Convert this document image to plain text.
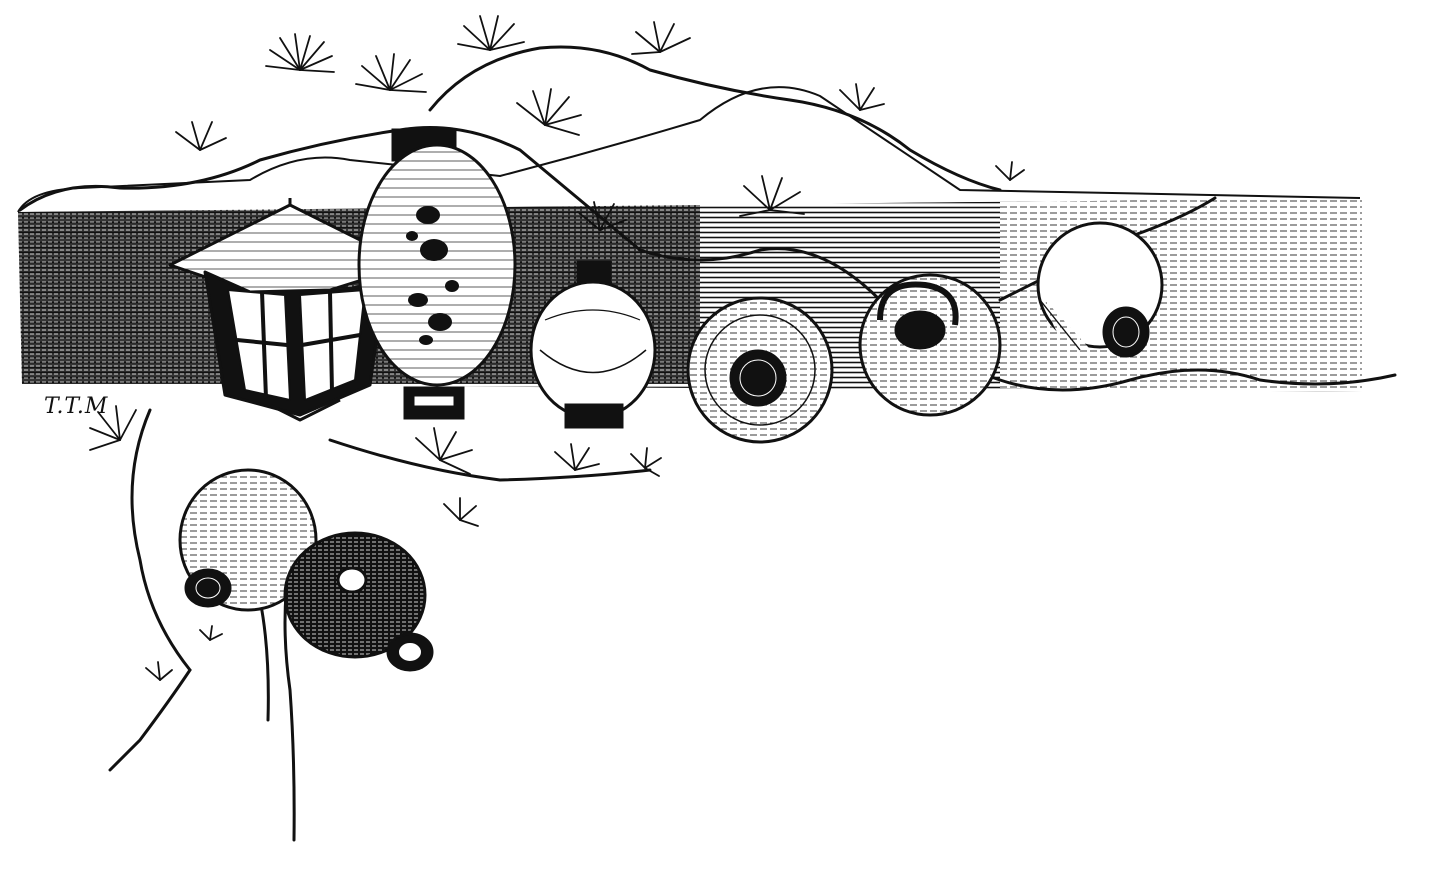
T.T.M
